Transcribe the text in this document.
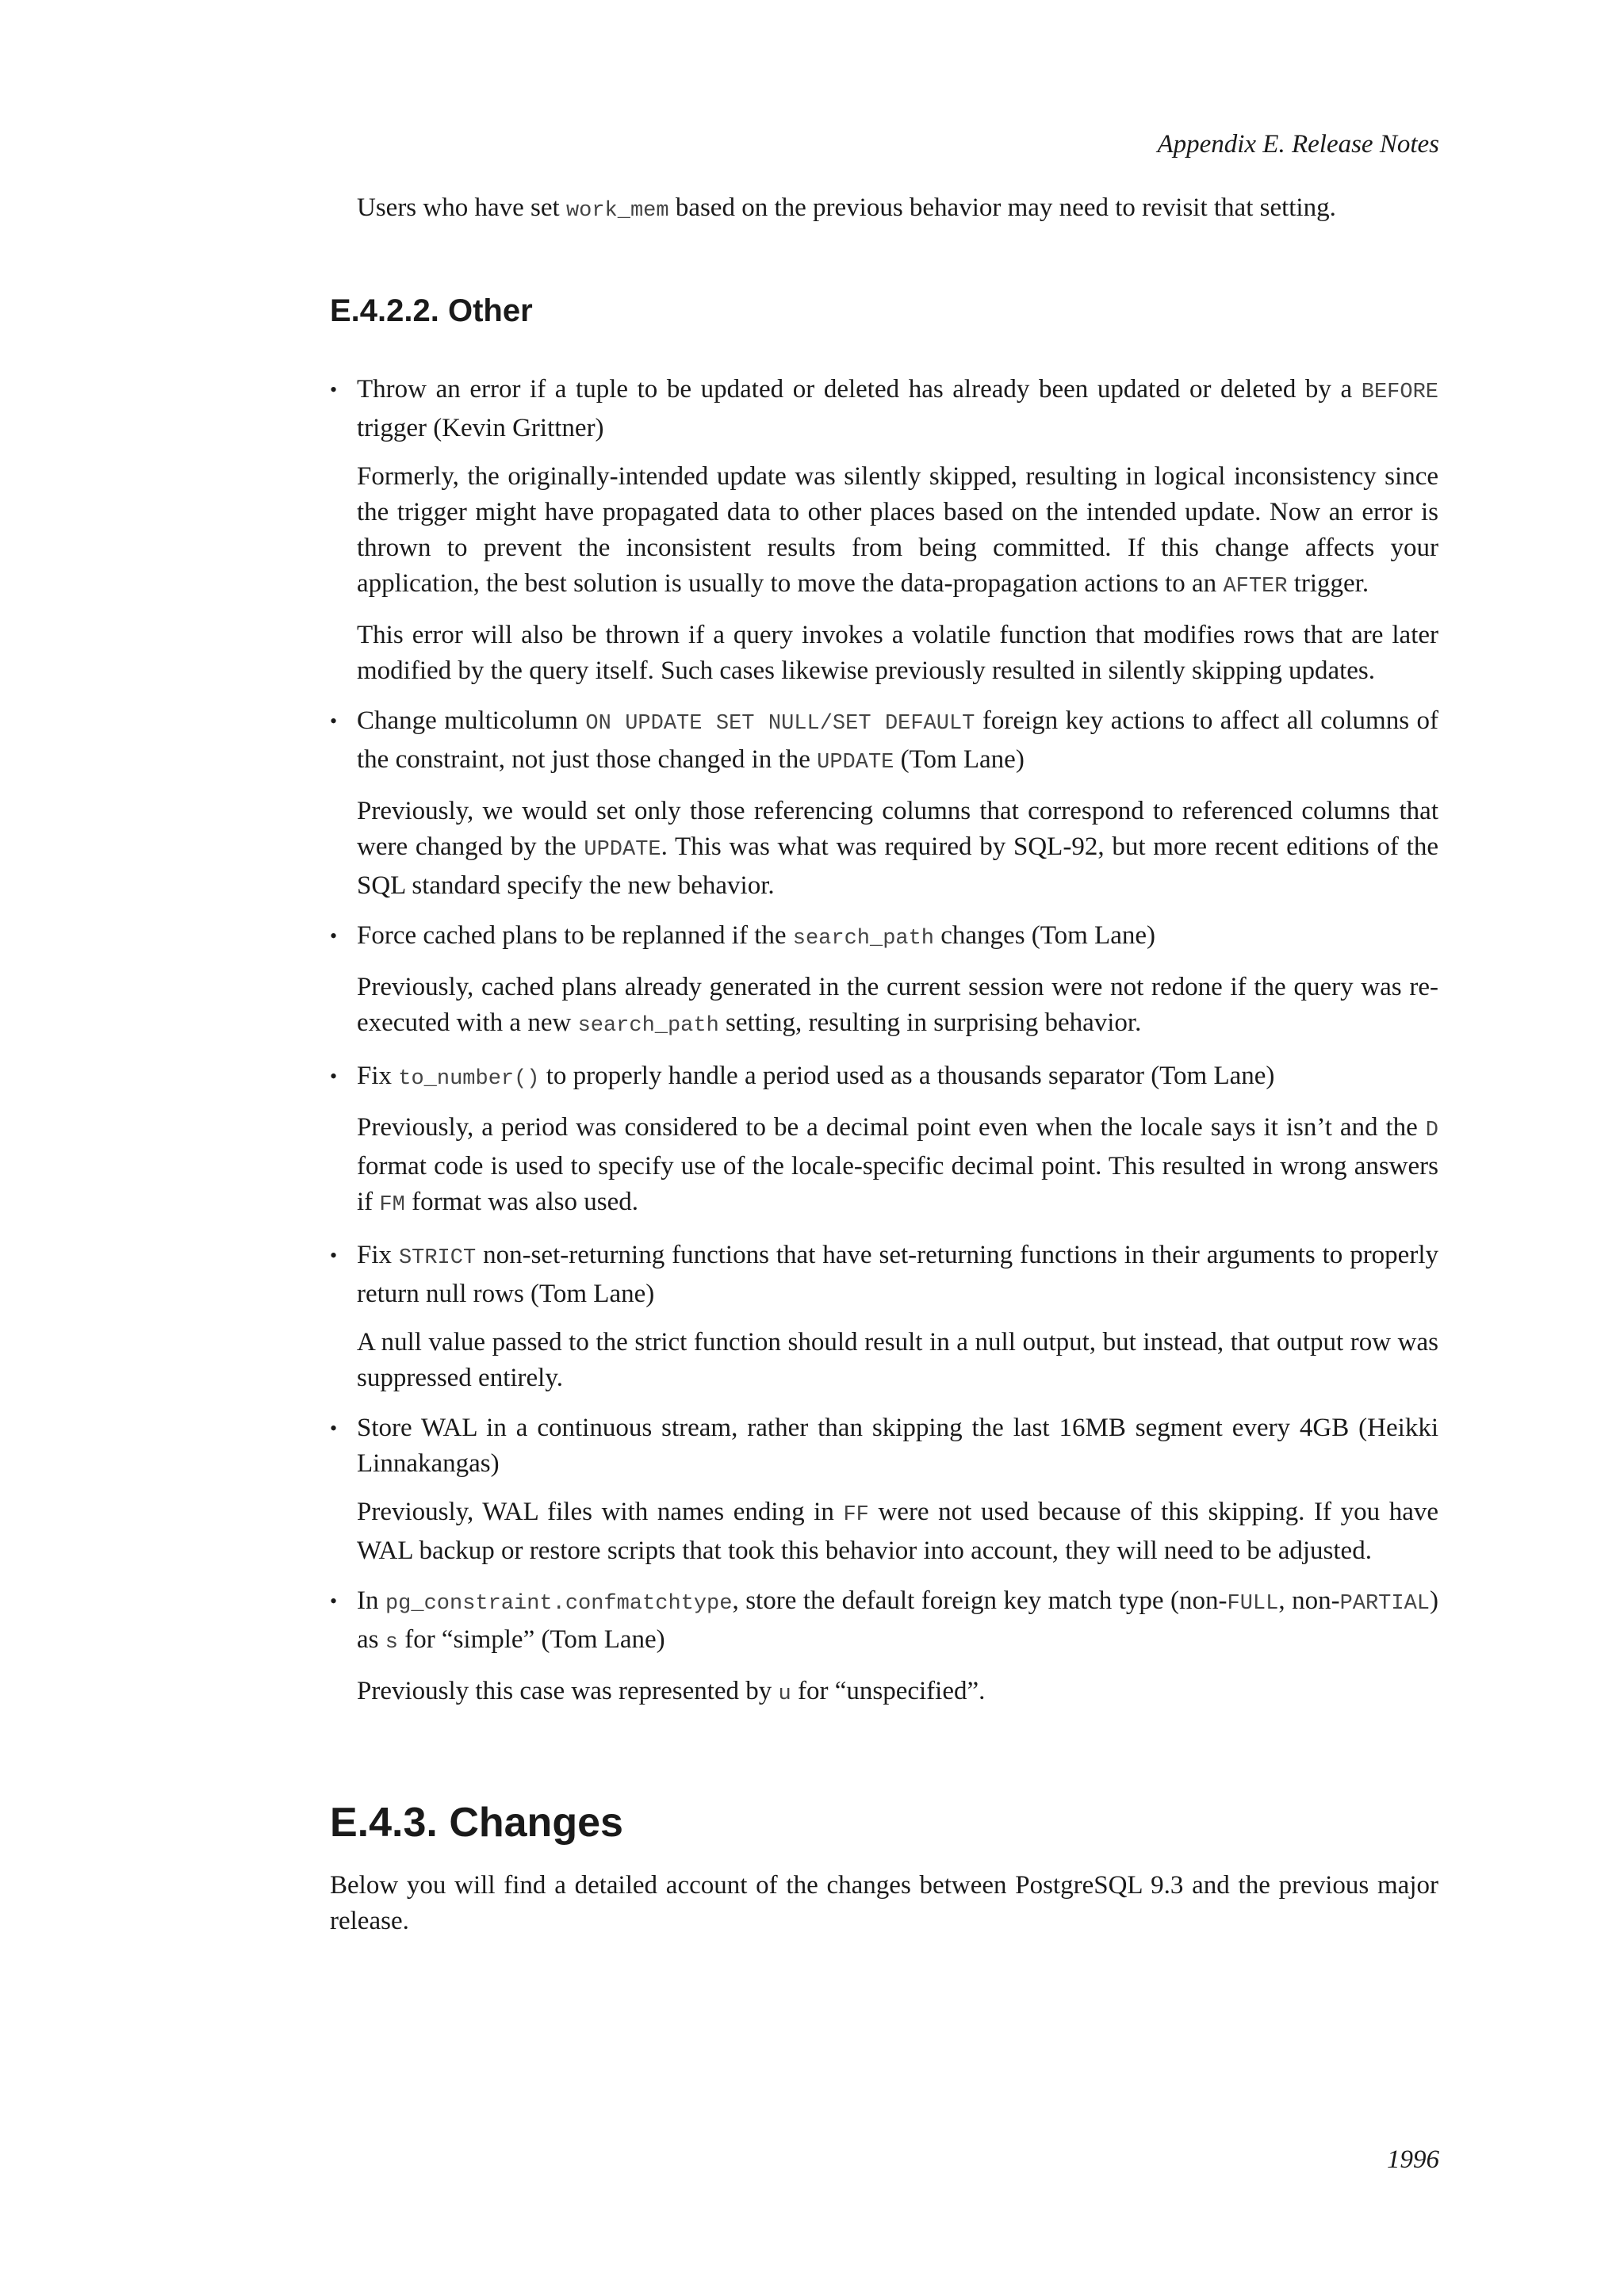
Appendix E. Release Notes

Users who have set work_mem based on the previous behavior may need to revisit that setting.

E.4.2.2. Other
• Throw an error if a tuple to be updated or deleted has already been updated or deleted by a BEFORE trigger (Kevin Grittner)

Formerly, the originally-intended update was silently skipped, resulting in logical inconsistency since the trigger might have propagated data to other places based on the intended update. Now an error is thrown to prevent the inconsistent results from being committed. If this change affects your application, the best solution is usually to move the data-propagation actions to an AFTER trigger.

This error will also be thrown if a query invokes a volatile function that modifies rows that are later modified by the query itself. Such cases likewise previously resulted in silently skipping updates.

• Change multicolumn ON UPDATE SET NULL/SET DEFAULT foreign key actions to affect all columns of the constraint, not just those changed in the UPDATE (Tom Lane)

Previously, we would set only those referencing columns that correspond to referenced columns that were changed by the UPDATE. This was what was required by SQL-92, but more recent editions of the SQL standard specify the new behavior.

• Force cached plans to be replanned if the search_path changes (Tom Lane)

Previously, cached plans already generated in the current session were not redone if the query was re-executed with a new search_path setting, resulting in surprising behavior.

• Fix to_number() to properly handle a period used as a thousands separator (Tom Lane)

Previously, a period was considered to be a decimal point even when the locale says it isn’t and the D format code is used to specify use of the locale-specific decimal point. This resulted in wrong answers if FM format was also used.

• Fix STRICT non-set-returning functions that have set-returning functions in their arguments to properly return null rows (Tom Lane)

A null value passed to the strict function should result in a null output, but instead, that output row was suppressed entirely.

• Store WAL in a continuous stream, rather than skipping the last 16MB segment every 4GB (Heikki Linnakangas)

Previously, WAL files with names ending in FF were not used because of this skipping. If you have WAL backup or restore scripts that took this behavior into account, they will need to be adjusted.

• In pg_constraint.confmatchtype, store the default foreign key match type (non-FULL, non-PARTIAL) as s for “simple” (Tom Lane)

Previously this case was represented by u for “unspecified”.

E.4.3. Changes

Below you will find a detailed account of the changes between PostgreSQL 9.3 and the previous major release.

1996
